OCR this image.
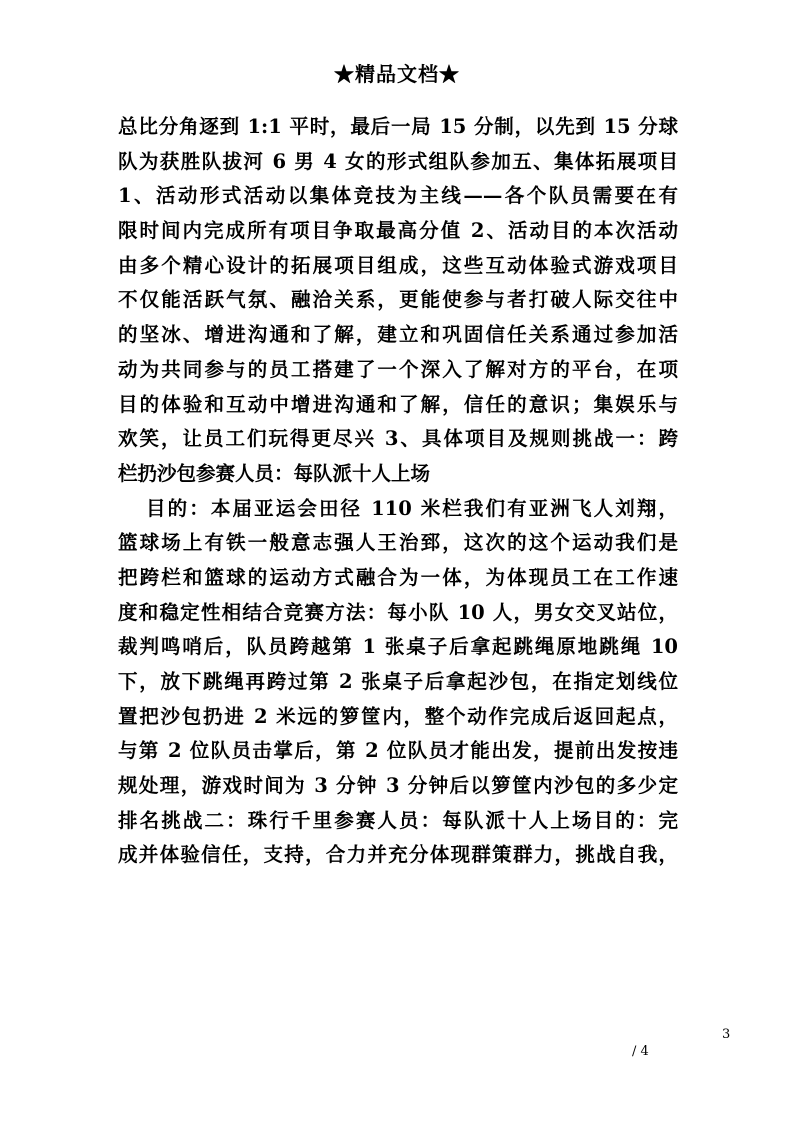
★精品文档★
总比分角逐到 1:1 平时，最后一局 15 分制，以先到 15 分球
队为获胜队拔河 6 男 4 女的形式组队参加五、集体拓展项目
1、活动形式活动以集体竞技为主线——各个队员需要在有
限时间内完成所有项目争取最高分值 2、活动目的本次活动
由多个精心设计的拓展项目组成，这些互动体验式游戏项目
不仅能活跃气氛、融洽关系，更能使参与者打破人际交往中
的坚冰、增进沟通和了解，建立和巩固信任关系通过参加活
动为共同参与的员工搭建了一个深入了解对方的平台，在项
目的体验和互动中增进沟通和了解，信任的意识；集娱乐与
欢笑，让员工们玩得更尽兴 3、具体项目及规则挑战一：跨
栏扔沙包参赛人员：每队派十人上场
目的：本届亚运会田径 110 米栏我们有亚洲飞人刘翔，
篮球场上有铁一般意志强人王治郅，这次的这个运动我们是
把跨栏和篮球的运动方式融合为一体，为体现员工在工作速
度和稳定性相结合竞赛方法：每小队 10 人，男女交叉站位，
裁判鸣哨后，队员跨越第 1 张桌子后拿起跳绳原地跳绳 10
下，放下跳绳再跨过第 2 张桌子后拿起沙包，在指定划线位
置把沙包扔进 2 米远的箩筐内，整个动作完成后返回起点，
与第 2 位队员击掌后，第 2 位队员才能出发，提前出发按违
规处理，游戏时间为 3 分钟 3 分钟后以箩筐内沙包的多少定
排名挑战二：珠行千里参赛人员：每队派十人上场目的：完
成并体验信任，支持，合力并充分体现群策群力，挑战自我，
3
/ 4
